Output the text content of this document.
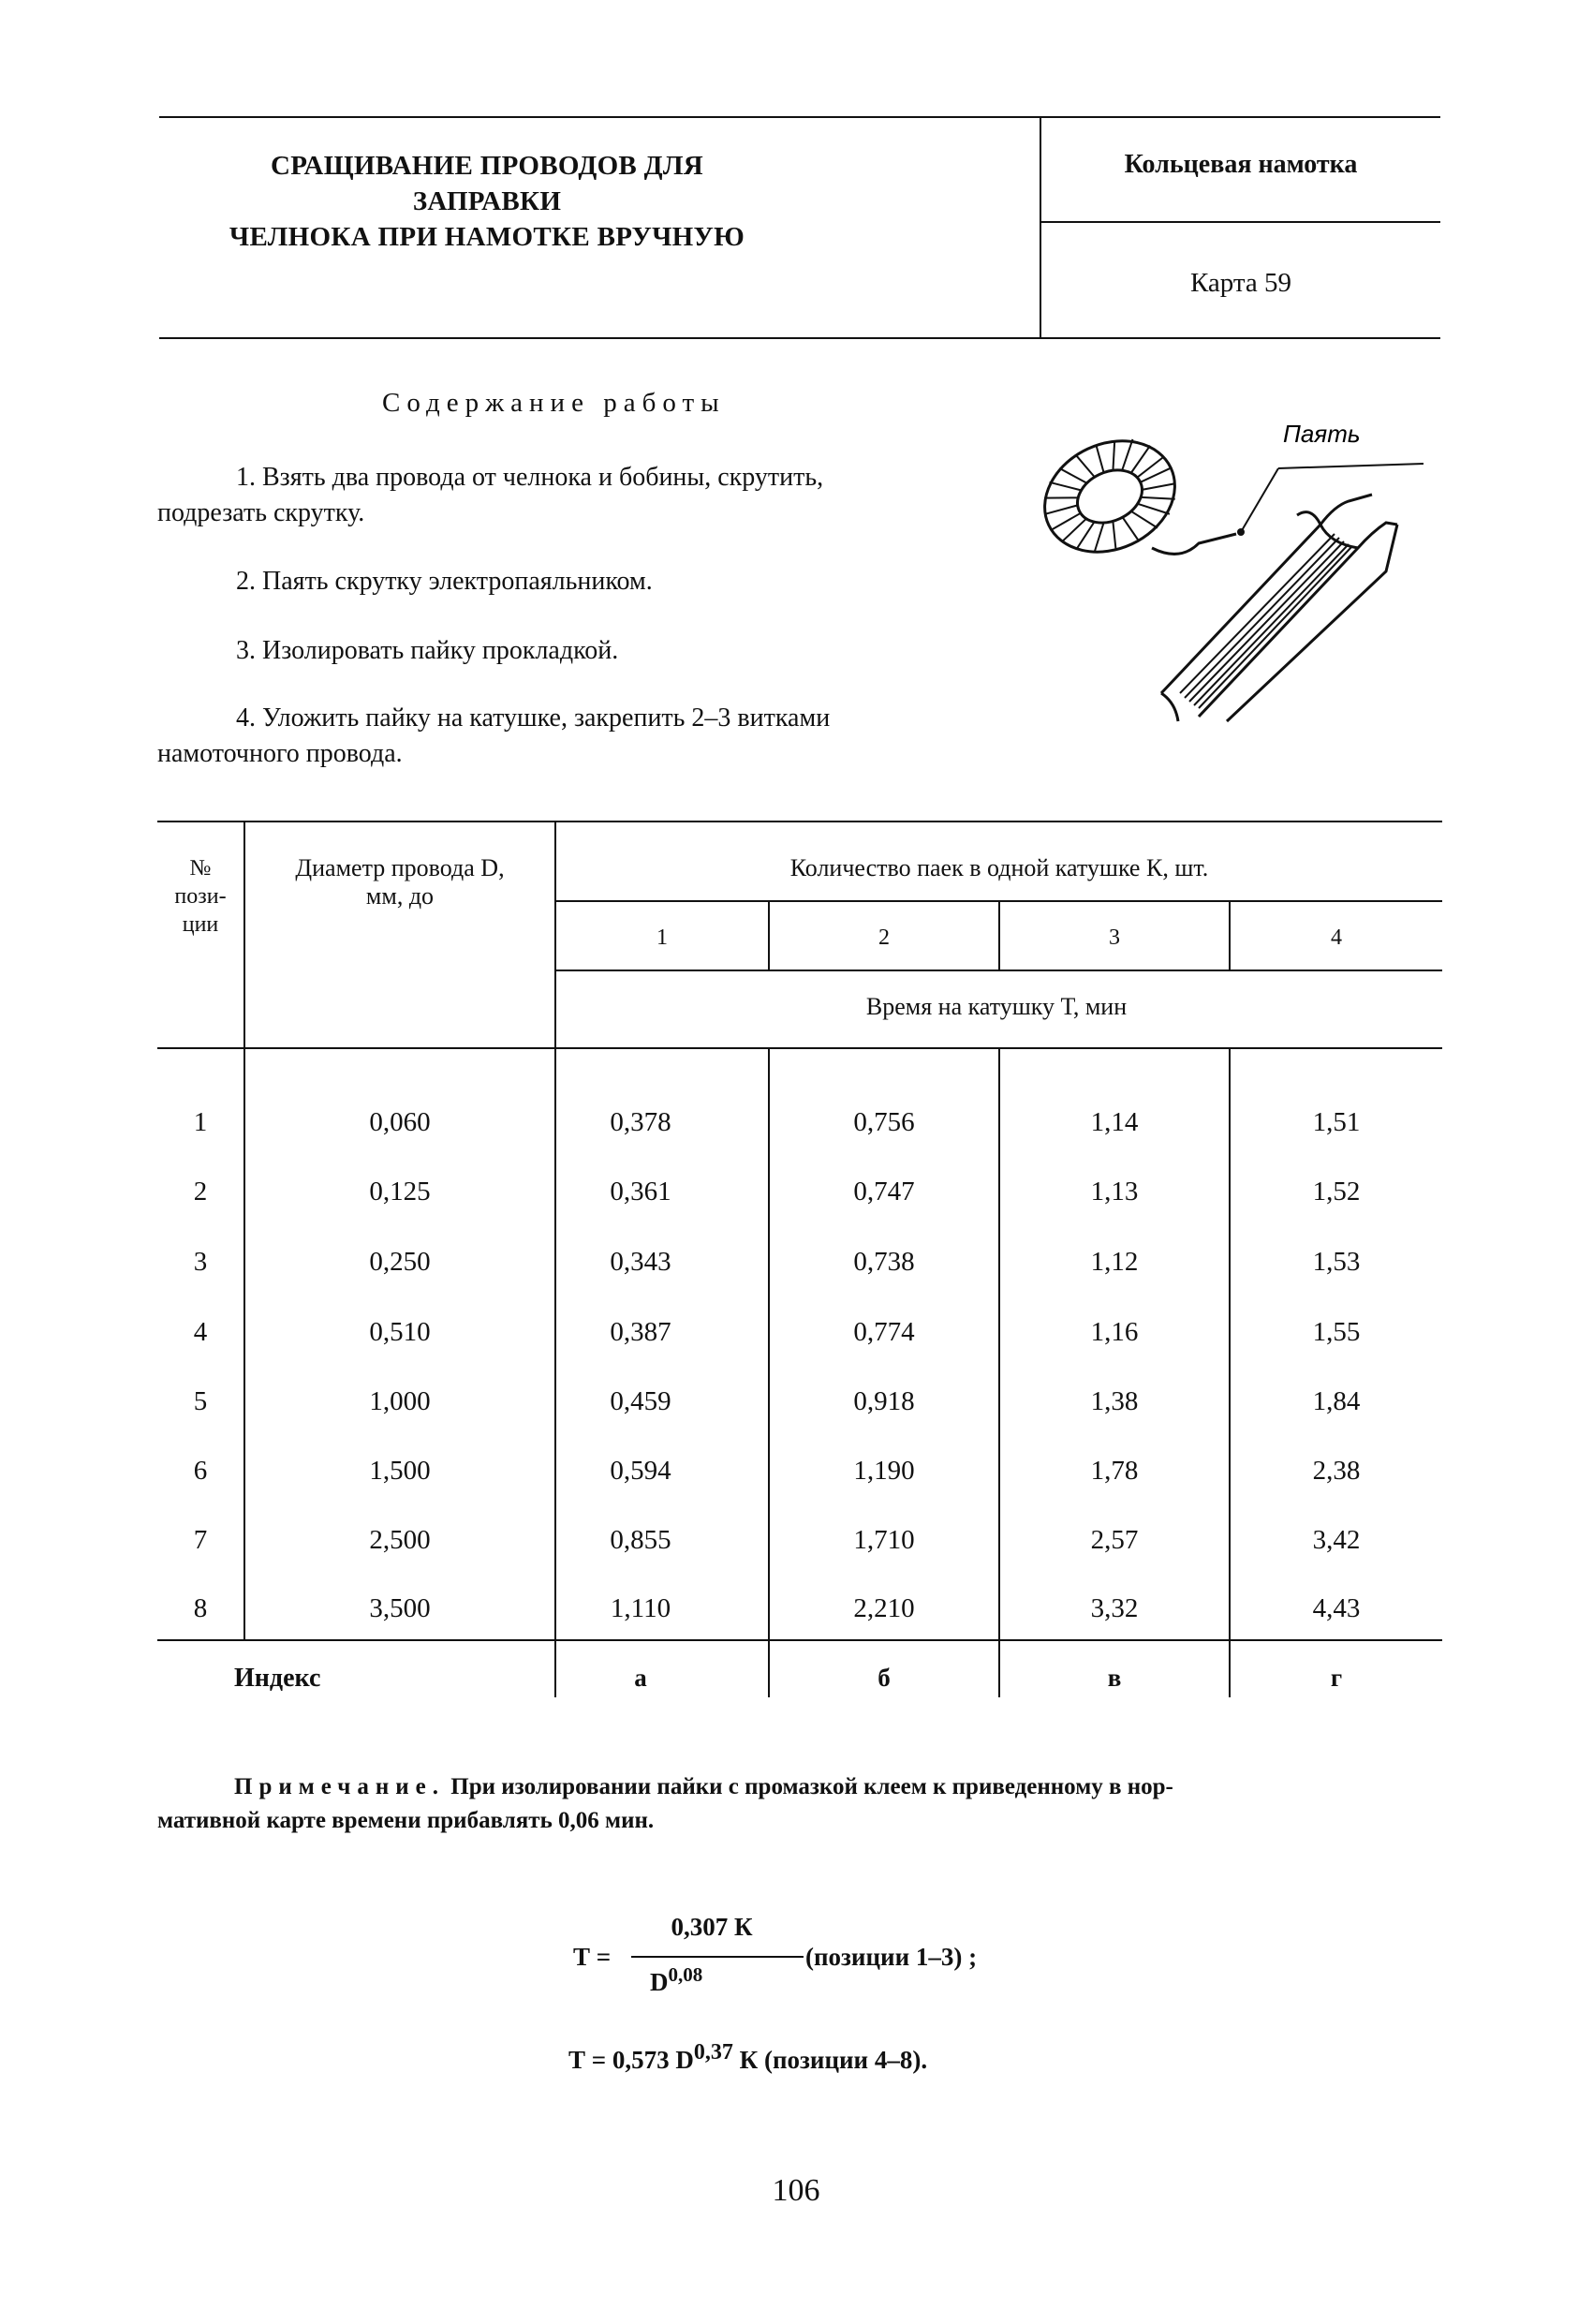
СРАЩИВАНИЕ ПРОВОДОВ ДЛЯ ЗАПРАВКИ
ЧЕЛНОКА ПРИ НАМОТКЕ ВРУЧНУЮ
Кольцевая намотка
Карта 59
Содержание работы
1. Взять два провода от челнока и бобины, скрутить,
подрезать скрутку.
2. Паять скрутку электропаяльником.
3. Изолировать пайку прокладкой.
4. Уложить пайку на катушке, закрепить 2–3 витками
намоточного провода.
Паять
№
пози-
ции
Диаметр провода D,
мм, до
Количество паек в одной катушке К, шт.
1	2	3	4
Время на катушку Т, мин
1	0,060	0,378	0,756	1,14	1,51
2	0,125	0,361	0,747	1,13	1,52
3	0,250	0,343	0,738	1,12	1,53
4	0,510	0,387	0,774	1,16	1,55
5	1,000	0,459	0,918	1,38	1,84
6	1,500	0,594	1,190	1,78	2,38
7	2,500	0,855	1,710	2,57	3,42
8	3,500	1,110	2,210	3,32	4,43
Индекс	а	б	в	г
Примечание. При изолировании пайки с промазкой клеем к приведенному в нор-
мативной карте времени прибавлять 0,06 мин.
Т =
0,307 К
D$^{0,08}$
(позиции 1–3) ;
Т = 0,573 D$^{0,37}$ К (позиции 4–8).
106
